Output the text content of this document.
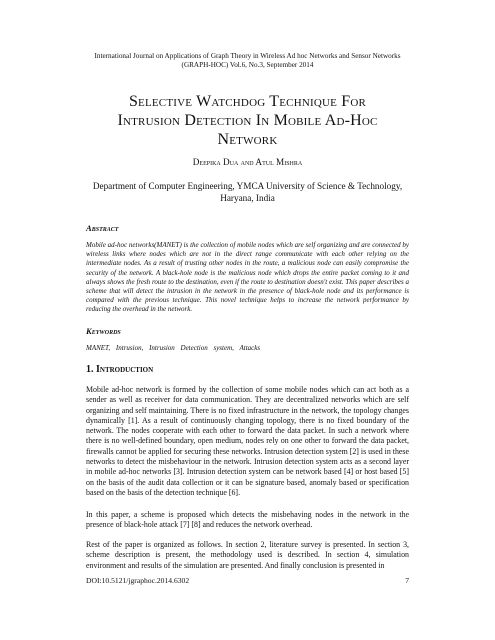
International Journal on Applications of Graph Theory in Wireless Ad hoc Networks and Sensor Networks
(GRAPH-HOC) Vol.6, No.3, September 2014
Selective Watchdog Technique For
Intrusion Detection In Mobile Ad-Hoc
Network
Deepika Dua and Atul Mishra
Department of Computer Engineering, YMCA University of Science & Technology,
Haryana, India
Abstract
Mobile ad-hoc networks(MANET) is the collection of mobile nodes which are self organizing and are connected by wireless links where nodes which are not in the direct range communicate with each other relying on the intermediate nodes. As a result of trusting other nodes in the route, a malicious node can easily compromise the security of the network. A black-hole node is the malicious node which drops the entire packet coming to it and always shows the fresh route to the destination, even if the route to destination doesn't exist. This paper describes a scheme that will detect the intrusion in the network in the presence of black-hole node and its performance is compared with the previous technique. This novel technique helps to increase the network performance by reducing the overhead in the network.
Keywords
MANET, Intrusion, Intrusion Detection system, Attacks
1. Introduction
Mobile ad-hoc network is formed by the collection of some mobile nodes which can act both as a sender as well as receiver for data communication. They are decentralized networks which are self organizing and self maintaining. There is no fixed infrastructure in the network, the topology changes dynamically [1]. As a result of continuously changing topology, there is no fixed boundary of the network. The nodes cooperate with each other to forward the data packet. In such a network where there is no well-defined boundary, open medium, nodes rely on one other to forward the data packet, firewalls cannot be applied for securing these networks. Intrusion detection system [2] is used in these networks to detect the misbehaviour in the network. Intrusion detection system acts as a second layer in mobile ad-hoc networks [3]. Intrusion detection system can be network based [4] or host based [5] on the basis of the audit data collection or it can be signature based, anomaly based or specification based on the basis of the detection technique [6].
In this paper, a scheme is proposed which detects the misbehaving nodes in the network in the presence of black-hole attack [7] [8] and reduces the network overhead.
Rest of the paper is organized as follows. In section 2, literature survey is presented. In section 3, scheme description is present, the methodology used is described. In section 4, simulation environment and results of the simulation are presented. And finally conclusion is presented in
DOI:10.5121/jgraphoc.2014.6302	7
